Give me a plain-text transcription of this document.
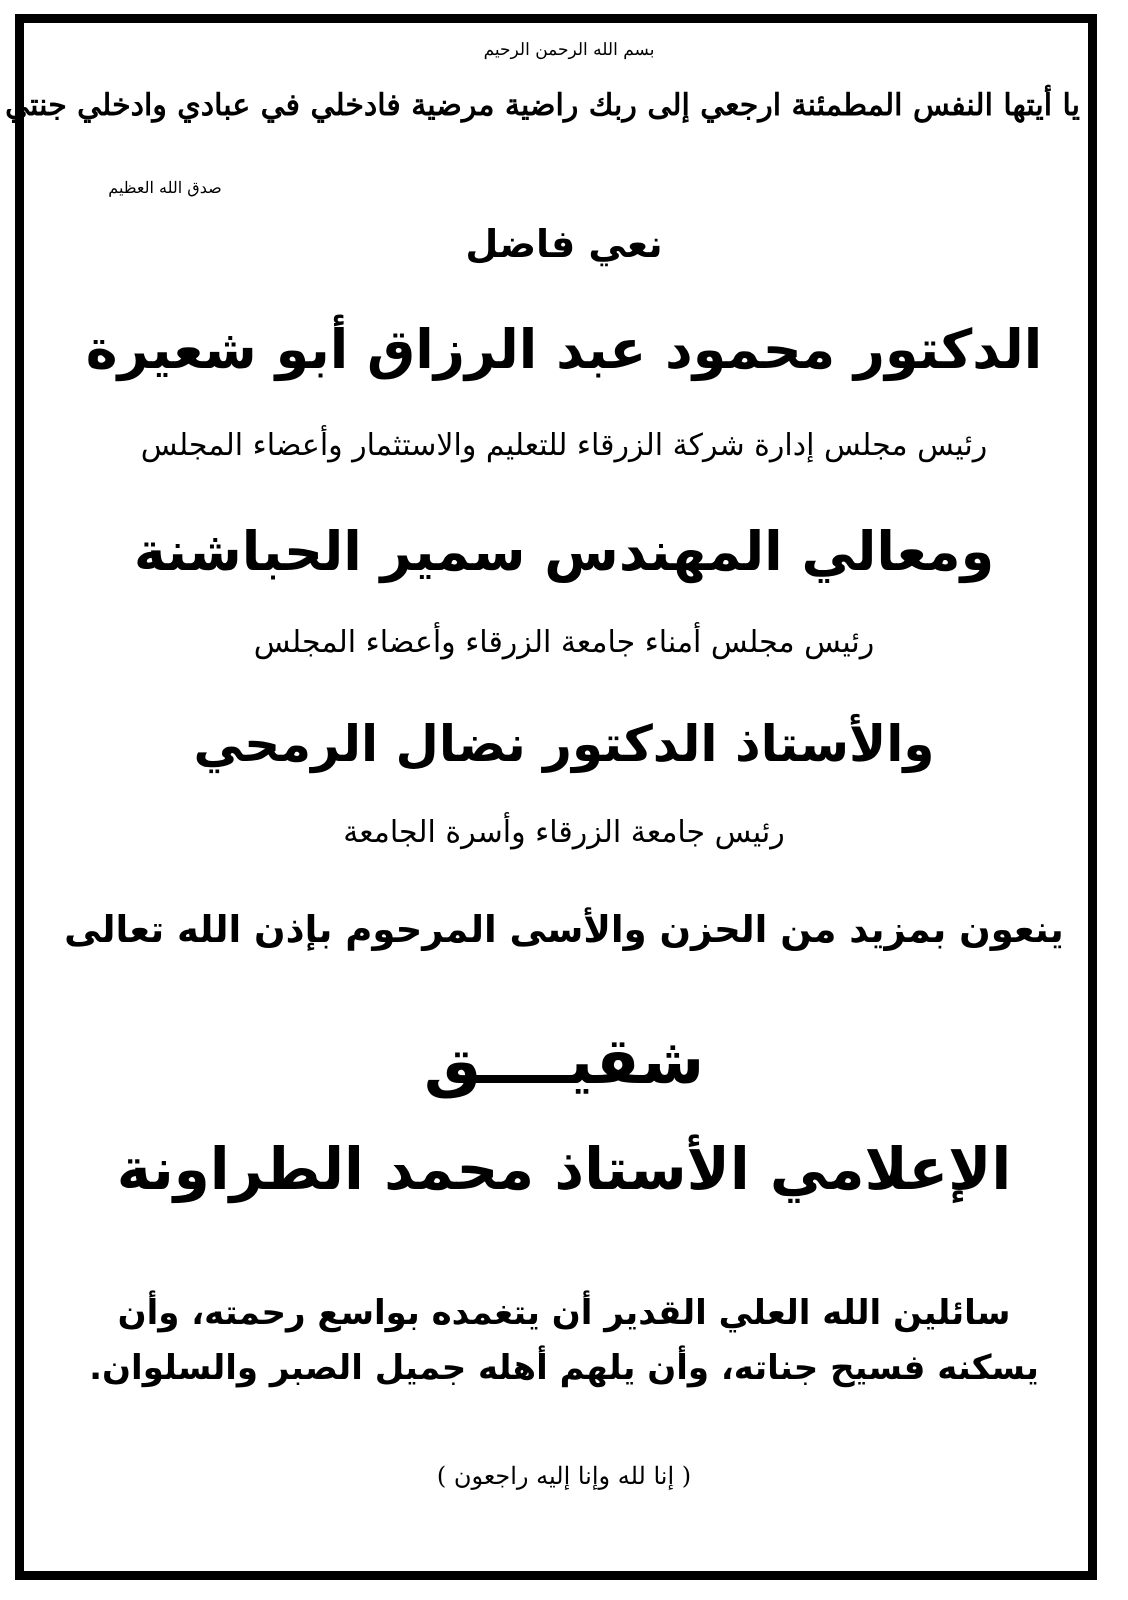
بسم الله الرحمن الرحيم

يا أيتها النفس المطمئنة ارجعي إلى ربك راضية مرضية فادخلي في عبادي وادخلي جنتي

صدق الله العظيم

نعي فاضل
الدكتور محمود عبد الرزاق أبو شعيرة

رئيس مجلس إدارة شركة الزرقاء للتعليم والاستثمار وأعضاء المجلس

ومعالي المهندس سمير الحباشنة

رئيس مجلس أمناء جامعة الزرقاء وأعضاء المجلس

والأستاذ الدكتور نضال الرمحي

رئيس جامعة الزرقاء وأسرة الجامعة

ينعون بمزيد من الحزن والأسى المرحوم بإذن الله تعالى

شقيــــق
الإعلامي الأستاذ محمد الطراونة

سائلين الله العلي القدير أن يتغمده بواسع رحمته، وأن يسكنه فسيح جناته، وأن يلهم أهله جميل الصبر والسلوان.

( إنا لله وإنا إليه راجعون )
